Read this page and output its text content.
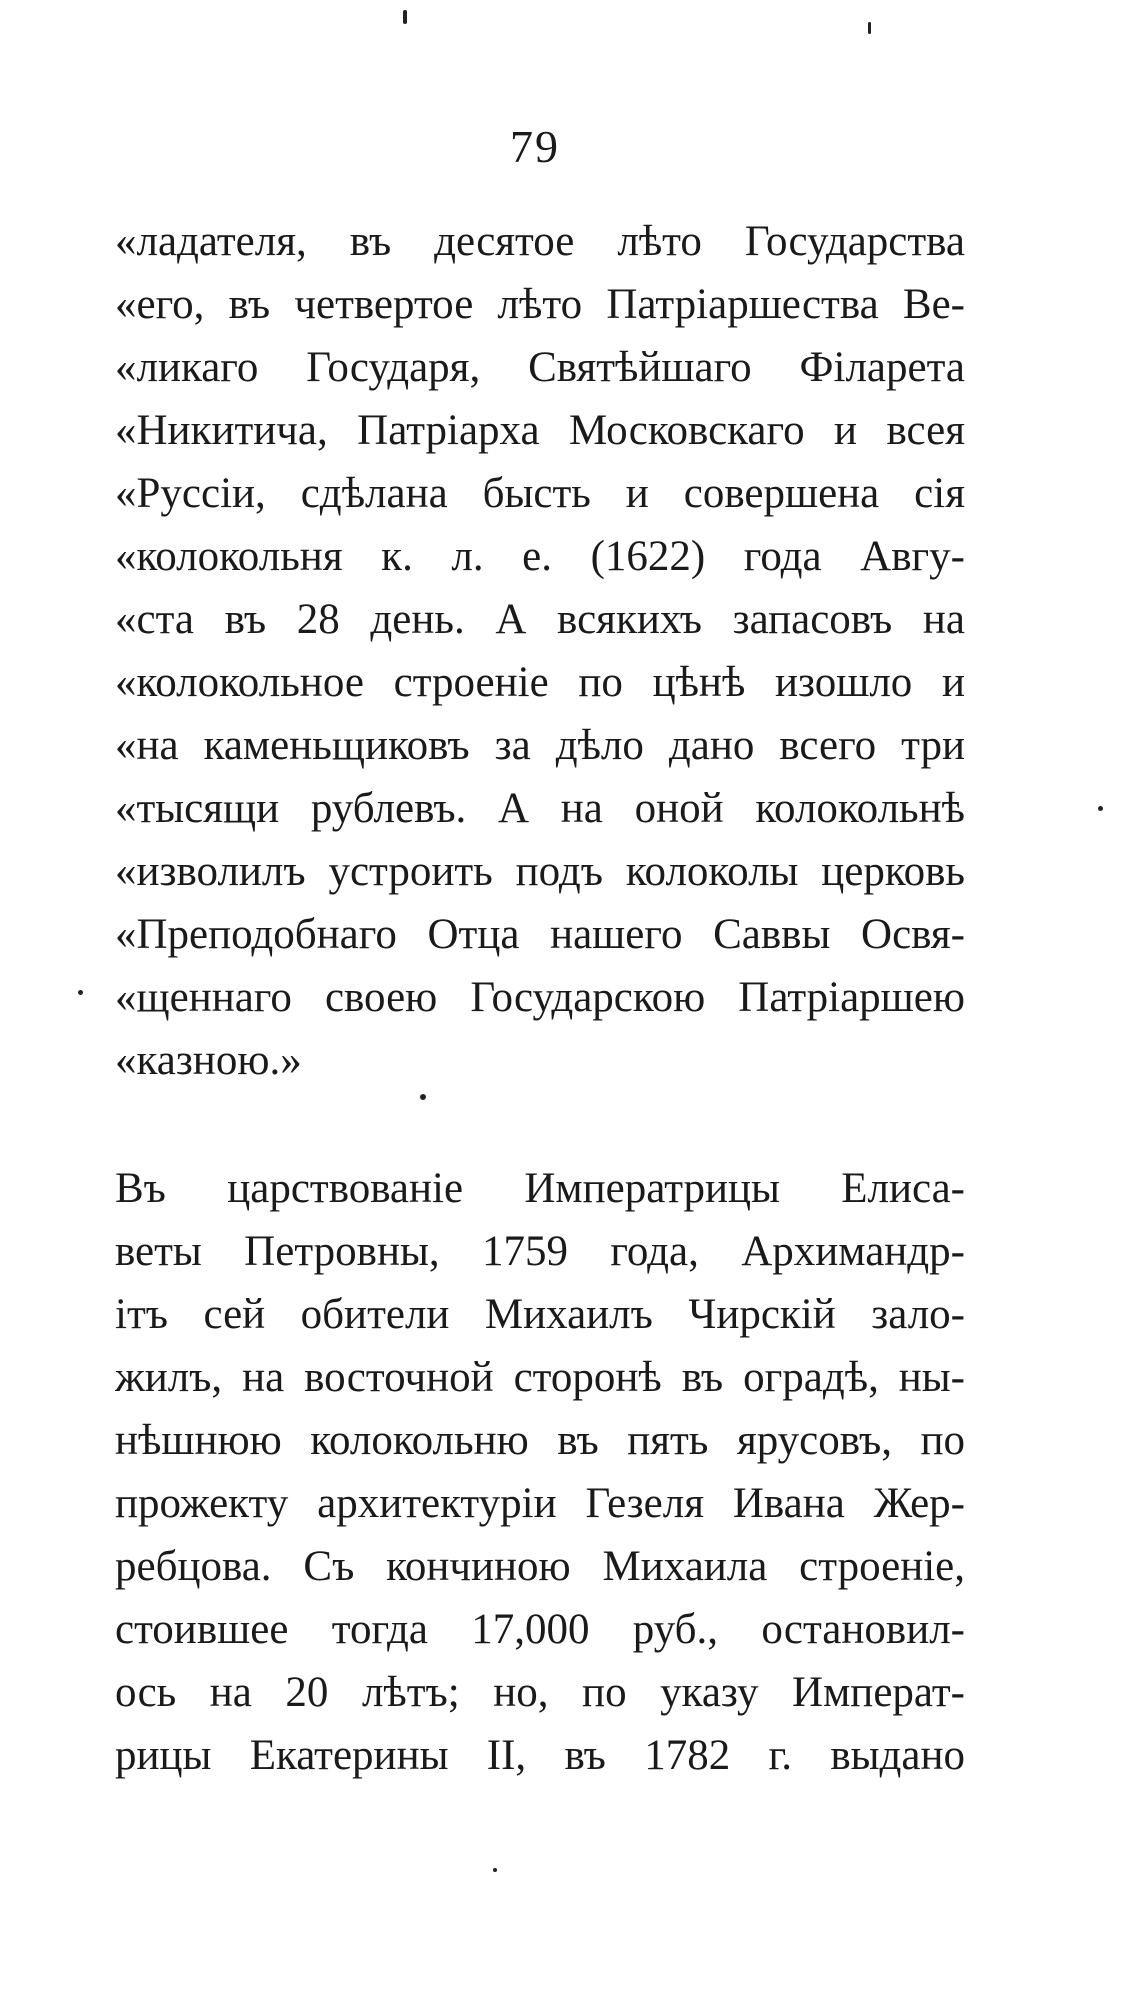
79
«ладателя, въ десятое лѣто Государства
«его, въ четвертое лѣто Патріаршества Ве-
«ликаго Государя, Святѣйшаго Філарета
«Никитича, Патріарха Московскаго и всея
«Руссіи, сдѣлана бысть и совершена сія
«колокольня к. л. е. (1622) года Авгу-
«ста въ 28 день. А всякихъ запасовъ на
«колокольное строеніе по цѣнѣ изошло и
«на каменьщиковъ за дѣло дано всего три
«тысящи рублевъ. А на оной колокольнѣ
«изволилъ устроить подъ колоколы церковь
«Преподобнаго Отца нашего Саввы Освя-
«щеннаго своею Государскою Патріаршею
«казною.»
Въ царствованіе Императрицы Елиса-
веты Петровны, 1759 года, Архимандр-
ітъ сей обители Михаилъ Чирскій зало-
жилъ, на восточной сторонѣ въ оградѣ, ны-
нѣшнюю колокольню въ пять ярусовъ, по
прожекту архитектуріи Гезеля Ивана Жер-
ребцова. Съ кончиною Михаила строеніе,
стоившее тогда 17,000 руб., остановил-
ось на 20 лѣтъ; но, по указу Императ-
рицы Екатерины II, въ 1782 г. выдано
